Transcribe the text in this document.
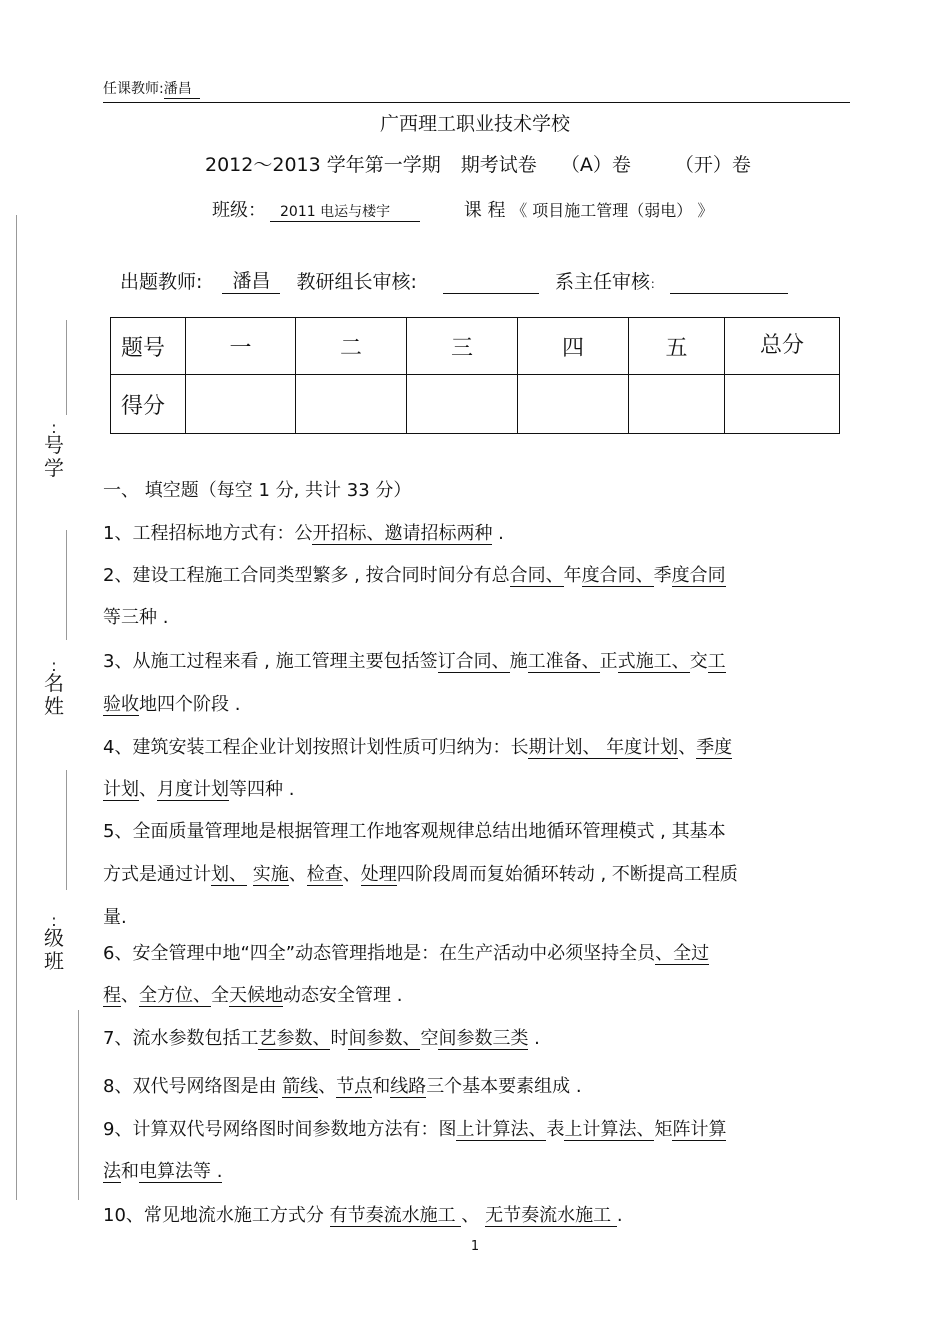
任课教师:潘昌
广西理工职业技术学校
2012～2013 学年第一学期 期考试卷 （A）卷 （开）卷
班级： 2011 电运与楼宇	课 程 《 项目施工管理（弱电） 》
出题教师: 潘昌 教研组长审核:	系主任审核：
题号	一	二	三	四	五	总分
得分						
:
号
学
:
名
姓
:
级
班
一、 填空题（每空 1 分, 共计 33 分）
1、工程招标地方式有：公开招标、邀请招标两种 .
2、建设工程施工合同类型繁多 , 按合同时间分有总合同、年度合同、季度合同
等三种 .
3、从施工过程来看 , 施工管理主要包括签订合同、施工准备、正式施工、交工
验收地四个阶段 .
4、建筑安装工程企业计划按照计划性质可归纳为：长期计划、 年度计划、季度
计划、月度计划等四种 .
5、全面质量管理地是根据管理工作地客观规律总结出地循环管理模式 , 其基本
方式是通过计划、 实施、检查、处理四阶段周而复始循环转动 , 不断提高工程质
量.
6、安全管理中地“四全”动态管理指地是：在生产活动中必须坚持全员、全过
程、全方位、全天候地动态安全管理 .
7、流水参数包括工艺参数、时间参数、空间参数三类 .
8、双代号网络图是由 箭线、节点和线路三个基本要素组成 .
9、计算双代号网络图时间参数地方法有：图上计算法、表上计算法、矩阵计算
法和电算法等 .
10、常见地流水施工方式分 有节奏流水施工 、 无节奏流水施工 .
1
